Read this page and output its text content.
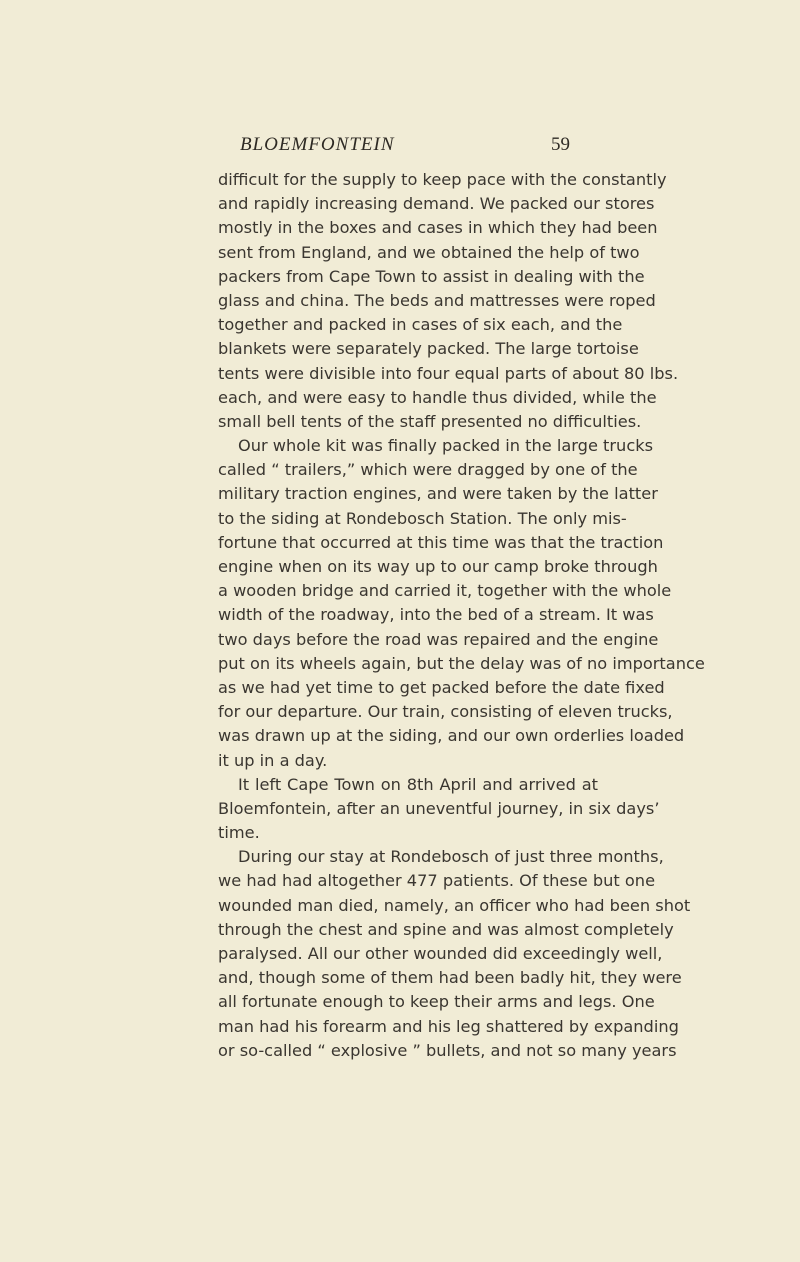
BLOEMFONTEIN	59
difficult for the supply to keep pace with the constantly
and rapidly increasing demand. We packed our stores
mostly in the boxes and cases in which they had been
sent from England, and we obtained the help of two
packers from Cape Town to assist in dealing with the
glass and china. The beds and mattresses were roped
together and packed in cases of six each, and the
blankets were separately packed. The large tortoise
tents were divisible into four equal parts of about 80 lbs.
each, and were easy to handle thus divided, while the
small bell tents of the staff presented no difficulties.
Our whole kit was finally packed in the large trucks
called “ trailers,” which were dragged by one of the
military traction engines, and were taken by the latter
to the siding at Rondebosch Station. The only mis-
fortune that occurred at this time was that the traction
engine when on its way up to our camp broke through
a wooden bridge and carried it, together with the whole
width of the roadway, into the bed of a stream. It was
two days before the road was repaired and the engine
put on its wheels again, but the delay was of no importance
as we had yet time to get packed before the date fixed
for our departure. Our train, consisting of eleven trucks,
was drawn up at the siding, and our own orderlies loaded
it up in a day.
It left Cape Town on 8th April and arrived at
Bloemfontein, after an uneventful journey, in six days’
time.
During our stay at Rondebosch of just three months,
we had had altogether 477 patients. Of these but one
wounded man died, namely, an officer who had been shot
through the chest and spine and was almost completely
paralysed. All our other wounded did exceedingly well,
and, though some of them had been badly hit, they were
all fortunate enough to keep their arms and legs. One
man had his forearm and his leg shattered by expanding
or so-called “ explosive ” bullets, and not so many years
